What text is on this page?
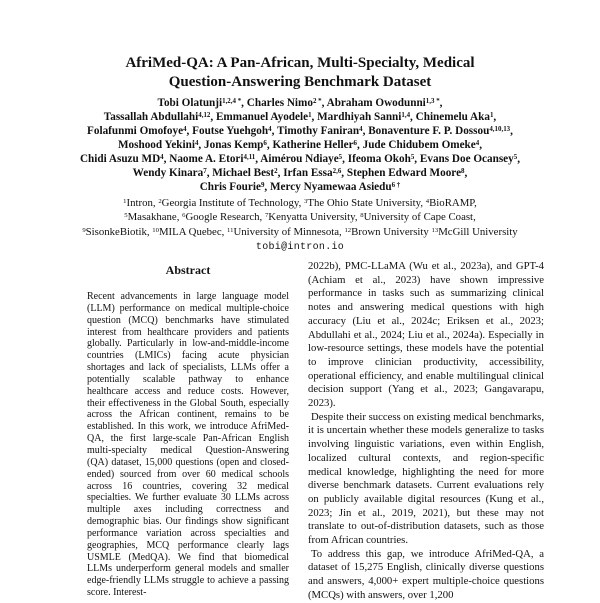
AfriMed-QA: A Pan-African, Multi-Specialty, Medical
Question-Answering Benchmark Dataset
Tobi Olatunji$^{1,2,4 *}$, Charles Nimo$^{2 *}$, Abraham Owodunni$^{1,3 *}$,
Tassallah Abdullahi$^{4,12}$, Emmanuel Ayodele$^1$, Mardhiyah Sanni$^{1,4}$, Chinemelu Aka$^1$,
Folafunmi Omofoye$^4$, Foutse Yuehgoh$^4$, Timothy Faniran$^4$, Bonaventure F. P. Dossou$^{4,10,13}$,
Moshood Yekini$^4$, Jonas Kemp$^6$, Katherine Heller$^6$, Jude Chidubem Omeke$^4$,
Chidi Asuzu $MD^4$, Naome A. Etori$^{4,11}$, Aimérou Ndiaye$^5$, Ifeoma Okoh$^5$, Evans Doe Ocansey$^5$,
Wendy Kinara$^7$, Michael Best$^2$, Irfan Essa$^{2,6}$, Stephen Edward Moore$^8$,
Chris Fourie$^9$, Mercy Nyamewaa Asiedu$^{6 \dagger}$
$^1$Intron, $^2$Georgia Institute of Technology, $^3$The Ohio State University, $^4$BioRAMP,
$^5$Masakhane, $^6$Google Research, $^7$Kenyatta University, $^8$University of Cape Coast,
$^9$SisonkeBiotik, $^{10}$MILA Quebec, $^{11}$University of Minnesota, $^{12}$Brown University $^{13}$McGill University
tobi@intron.io
Abstract

Recent advancements in large language model (LLM) performance on medical multiple-choice question (MCQ) benchmarks have stimulated interest from healthcare providers and patients globally. Particularly in low-and-middle-income countries (LMICs) facing acute physician shortages and lack of specialists, LLMs offer a potentially scalable pathway to enhance healthcare access and reduce costs. However, their effectiveness in the Global South, especially across the African continent, remains to be established. In this work, we introduce AfriMed-QA, the first large-scale Pan-African English multi-specialty medical Question-Answering (QA) dataset, 15,000 questions (open and closed-ended) sourced from over 60 medical schools across 16 countries, covering 32 medical specialties. We further evaluate 30 LLMs across multiple axes including correctness and demographic bias. Our findings show significant performance variation across specialties and geographies, MCQ performance clearly lags USMLE (MedQA). We find that biomedical LLMs underperform general models and smaller edge-friendly LLMs struggle to achieve a passing score. Interest-

2022b), PMC-LLaMA (Wu et al., 2023a), and GPT-4 (Achiam et al., 2023) have shown impressive performance in tasks such as summarizing clinical notes and answering medical questions with high accuracy (Liu et al., 2024c; Eriksen et al., 2023; Abdullahi et al., 2024; Liu et al., 2024a). Especially in low-resource settings, these models have the potential to improve clinician productivity, accessibility, operational efficiency, and enable multilingual clinical decision support (Yang et al., 2023; Gangavarapu, 2023).

Despite their success on existing medical benchmarks, it is uncertain whether these models generalize to tasks involving linguistic variations, even within English, localized cultural contexts, and region-specific medical knowledge, highlighting the need for more diverse benchmark datasets. Current evaluations rely on publicly available digital resources (Kung et al., 2023; Jin et al., 2019, 2021), but these may not translate to out-of-distribution datasets, such as those from African countries.

To address this gap, we introduce AfriMed-QA, a dataset of 15,275 English, clinically diverse questions and answers, 4,000+ expert multiple-choice questions (MCQs) with answers, over 1,200
